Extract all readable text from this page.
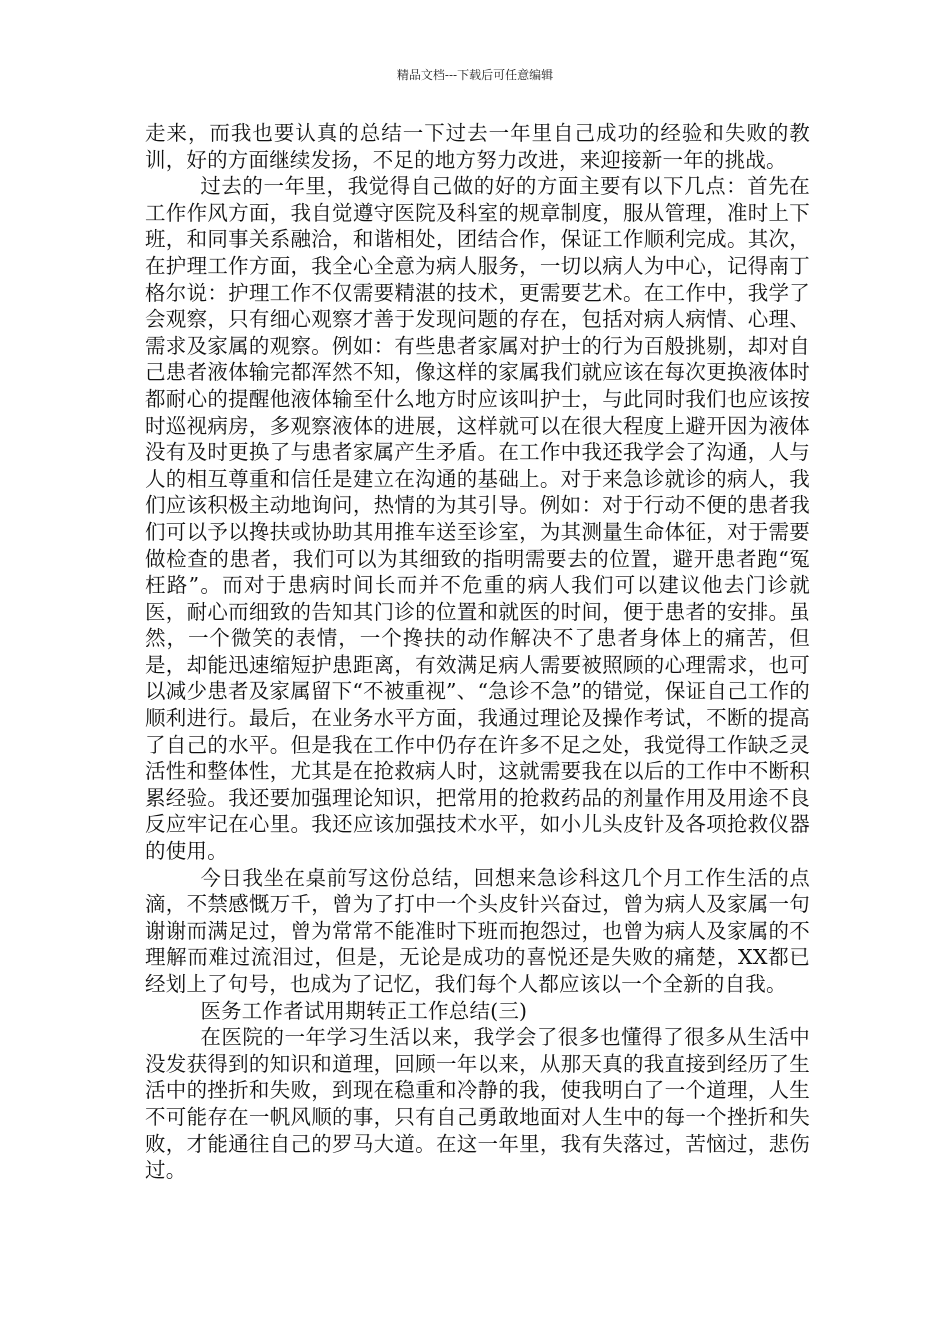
精品文档---下载后可任意编辑

走来，而我也要认真的总结一下过去一年里自己成功的经验和失败的教训，好的方面继续发扬，不足的地方努力改进，来迎接新一年的挑战。

过去的一年里，我觉得自己做的好的方面主要有以下几点：首先在工作作风方面，我自觉遵守医院及科室的规章制度，服从管理，准时上下班，和同事关系融洽，和谐相处，团结合作，保证工作顺利完成。其次，在护理工作方面，我全心全意为病人服务，一切以病人为中心，记得南丁格尔说：护理工作不仅需要精湛的技术，更需要艺术。在工作中，我学了会观察，只有细心观察才善于发现问题的存在，包括对病人病情、心理、需求及家属的观察。例如：有些患者家属对护士的行为百般挑剔，却对自己患者液体输完都浑然不知，像这样的家属我们就应该在每次更换液体时都耐心的提醒他液体输至什么地方时应该叫护士，与此同时我们也应该按时巡视病房，多观察液体的进展，这样就可以在很大程度上避开因为液体没有及时更换了与患者家属产生矛盾。在工作中我还我学会了沟通，人与人的相互尊重和信任是建立在沟通的基础上。对于来急诊就诊的病人，我们应该积极主动地询问，热情的为其引导。例如：对于行动不便的患者我们可以予以搀扶或协助其用推车送至诊室，为其测量生命体征，对于需要做检查的患者，我们可以为其细致的指明需要去的位置，避开患者跑“冤枉路”。而对于患病时间长而并不危重的病人我们可以建议他去门诊就医，耐心而细致的告知其门诊的位置和就医的时间，便于患者的安排。虽然，一个微笑的表情，一个搀扶的动作解决不了患者身体上的痛苦，但是，却能迅速缩短护患距离，有效满足病人需要被照顾的心理需求，也可以减少患者及家属留下“不被重视”、“急诊不急”的错觉，保证自己工作的顺利进行。最后，在业务水平方面，我通过理论及操作考试，不断的提高了自己的水平。但是我在工作中仍存在许多不足之处，我觉得工作缺乏灵活性和整体性，尤其是在抢救病人时，这就需要我在以后的工作中不断积累经验。我还要加强理论知识，把常用的抢救药品的剂量作用及用途不良反应牢记在心里。我还应该加强技术水平，如小儿头皮针及各项抢救仪器的使用。

今日我坐在桌前写这份总结，回想来急诊科这几个月工作生活的点滴，不禁感慨万千，曾为了打中一个头皮针兴奋过，曾为病人及家属一句谢谢而满足过，曾为常常不能准时下班而抱怨过，也曾为病人及家属的不理解而难过流泪过，但是，无论是成功的喜悦还是失败的痛楚，XX都已经划上了句号，也成为了记忆，我们每个人都应该以一个全新的自我。

医务工作者试用期转正工作总结(三)

在医院的一年学习生活以来，我学会了很多也懂得了很多从生活中没发获得到的知识和道理，回顾一年以来，从那天真的我直接到经历了生活中的挫折和失败，到现在稳重和冷静的我，使我明白了一个道理，人生不可能存在一帆风顺的事，只有自己勇敢地面对人生中的每一个挫折和失败，才能通往自己的罗马大道。在这一年里，我有失落过，苦恼过，悲伤过。
